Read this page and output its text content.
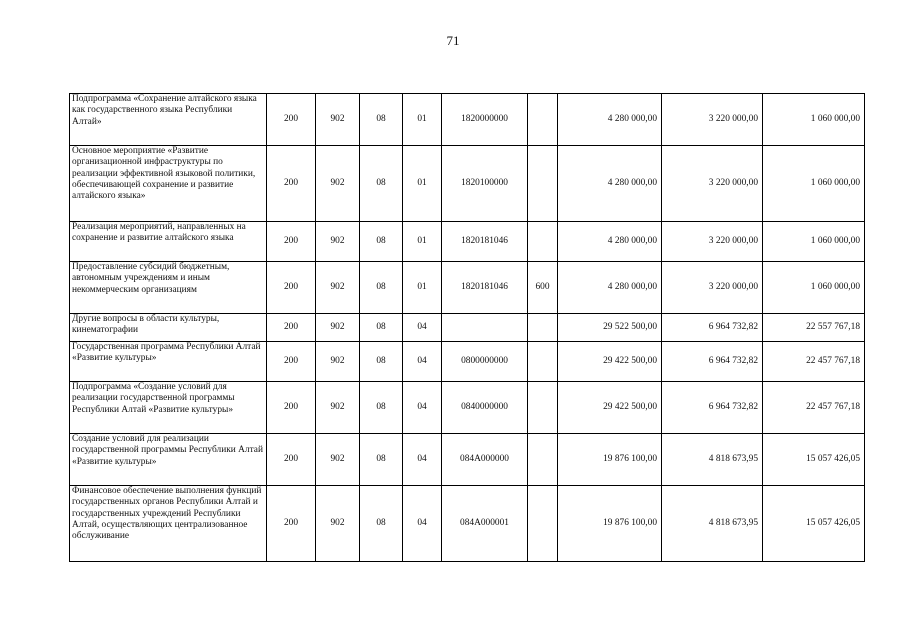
71
Подпрограмма «Сохранение алтайского языка как государственного языка Республики Алтай»	200	902	08	01	1820000000		4 280 000,00	3 220 000,00	1 060 000,00
Основное мероприятие «Развитие организационной инфраструктуры по реализации эффективной языковой политики, обеспечивающей сохранение и развитие алтайского языка»	200	902	08	01	1820100000		4 280 000,00	3 220 000,00	1 060 000,00
Реализация мероприятий, направленных на сохранение и развитие алтайского языка	200	902	08	01	1820181046		4 280 000,00	3 220 000,00	1 060 000,00
Предоставление субсидий бюджетным, автономным учреждениям и иным некоммерческим организациям	200	902	08	01	1820181046	600	4 280 000,00	3 220 000,00	1 060 000,00
Другие вопросы в области культуры, кинематографии	200	902	08	04			29 522 500,00	6 964 732,82	22 557 767,18
Государственная программа Республики Алтай «Развитие культуры»	200	902	08	04	0800000000		29 422 500,00	6 964 732,82	22 457 767,18
Подпрограмма «Создание условий для реализации государственной программы Республики Алтай «Развитие культуры»	200	902	08	04	0840000000		29 422 500,00	6 964 732,82	22 457 767,18
Создание условий для реализации государственной программы Республики Алтай «Развитие культуры»	200	902	08	04	084А000000		19 876 100,00	4 818 673,95	15 057 426,05
Финансовое обеспечение выполнения функций государственных органов Республики Алтай и государственных учреждений Республики Алтай, осуществляющих централизованное обслуживание	200	902	08	04	084А000001		19 876 100,00	4 818 673,95	15 057 426,05
